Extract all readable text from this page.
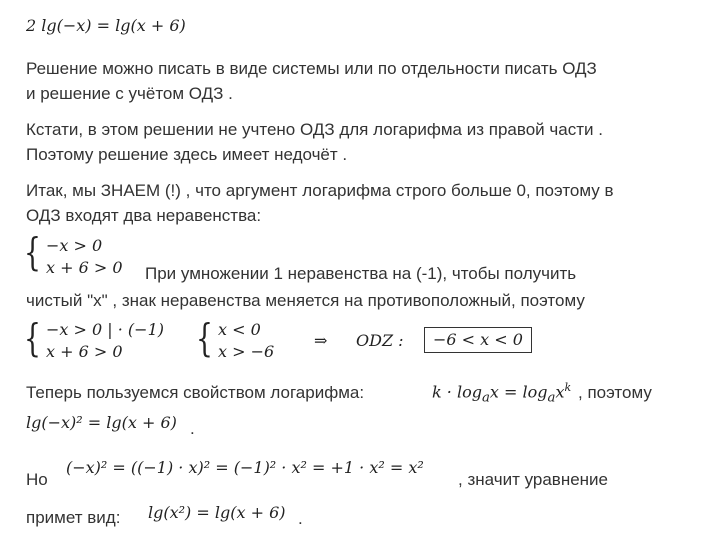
2 lg(−x) = lg(x + 6)
Решение можно писать в виде системы или по отдельности писать ОДЗ
и решение с учётом ОДЗ .
Кстати, в этом решении не учтено ОДЗ для логарифма из правой части .
Поэтому решение здесь имеет недочёт .
Итак, мы ЗНАЕМ (!) , что аргумент логарифма строго больше 0, поэтому в
ОДЗ входят два неравенства:
{ −x > 0
x + 6 > 0 При умножении 1 неравенства на (-1), чтобы получить
чистый "х" , знак неравенства меняется на противоположный, поэтому
{ −x > 0 | · (−1)
x + 6 > 0 { x < 0
x > −6
⇒ ODZ :	−6 < x < 0
Теперь пользуемся свойством логарифма:	$k \cdot \log_ax = \log_ax^k$ , поэтому
lg(−x)² = lg(x + 6) .
Но
(−x)² = ((−1) · x)² = (−1)² · x² = +1 · x² = x²
, значит уравнение
примет вид: lg(x²) = lg(x + 6) .
